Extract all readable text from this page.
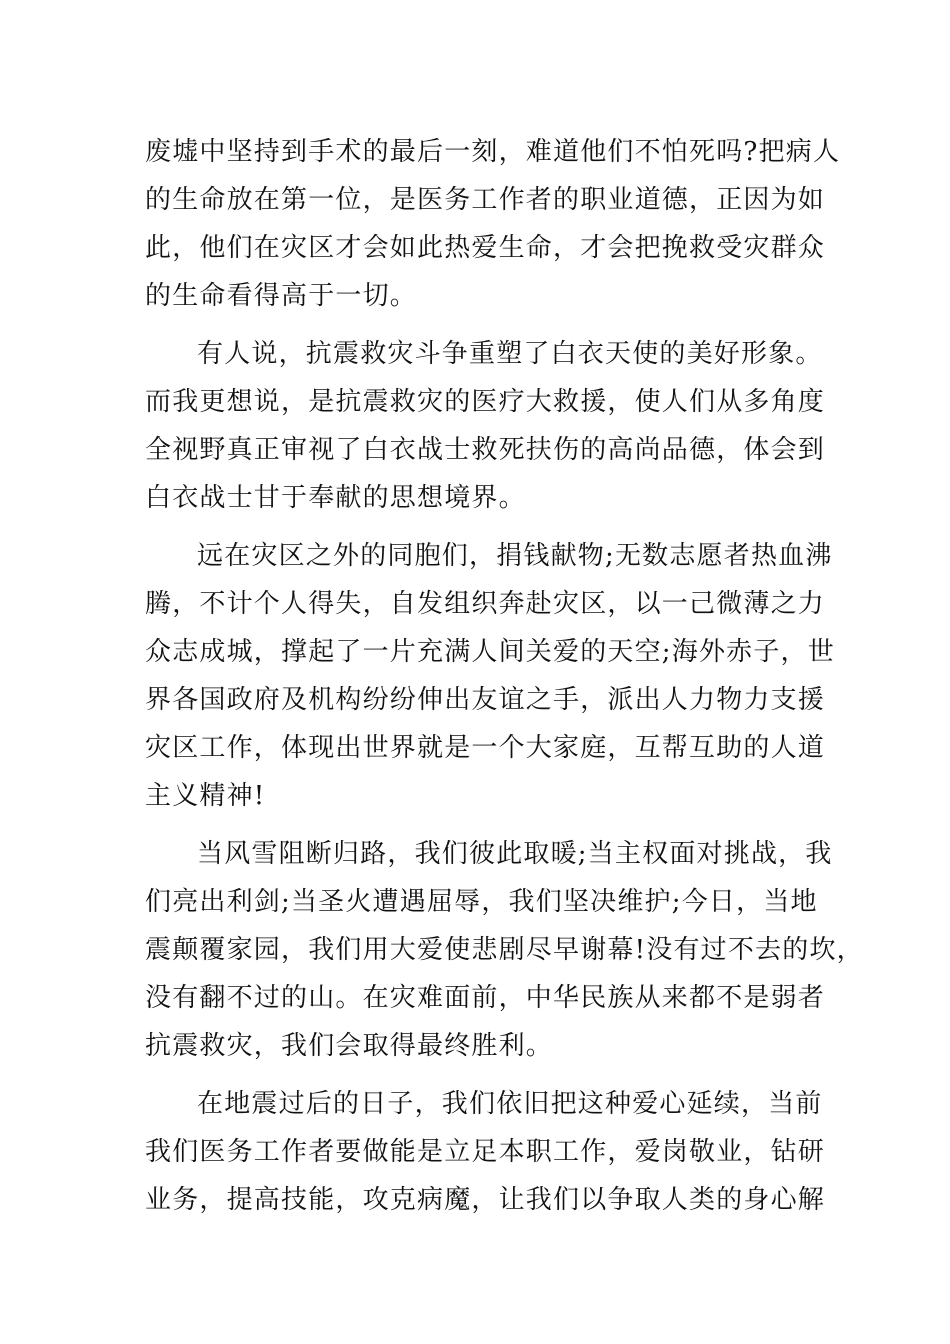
废墟中坚持到手术的最后一刻，难道他们不怕死吗?把病人
的生命放在第一位，是医务工作者的职业道德，正因为如
此，他们在灾区才会如此热爱生命，才会把挽救受灾群众
的生命看得高于一切。
有人说，抗震救灾斗争重塑了白衣天使的美好形象。
而我更想说，是抗震救灾的医疗大救援，使人们从多角度
全视野真正审视了白衣战士救死扶伤的高尚品德，体会到
白衣战士甘于奉献的思想境界。
远在灾区之外的同胞们，捐钱献物;无数志愿者热血沸
腾，不计个人得失，自发组织奔赴灾区，以一己微薄之力
众志成城，撑起了一片充满人间关爱的天空;海外赤子，世
界各国政府及机构纷纷伸出友谊之手，派出人力物力支援
灾区工作，体现出世界就是一个大家庭，互帮互助的人道
主义精神!
当风雪阻断归路，我们彼此取暖;当主权面对挑战，我
们亮出利剑;当圣火遭遇屈辱，我们坚决维护;今日，当地
震颠覆家园，我们用大爱使悲剧尽早谢幕!没有过不去的坎，
没有翻不过的山。在灾难面前，中华民族从来都不是弱者
抗震救灾，我们会取得最终胜利。
在地震过后的日子，我们依旧把这种爱心延续，当前
我们医务工作者要做能是立足本职工作，爱岗敬业，钻研
业务，提高技能，攻克病魔，让我们以争取人类的身心解
